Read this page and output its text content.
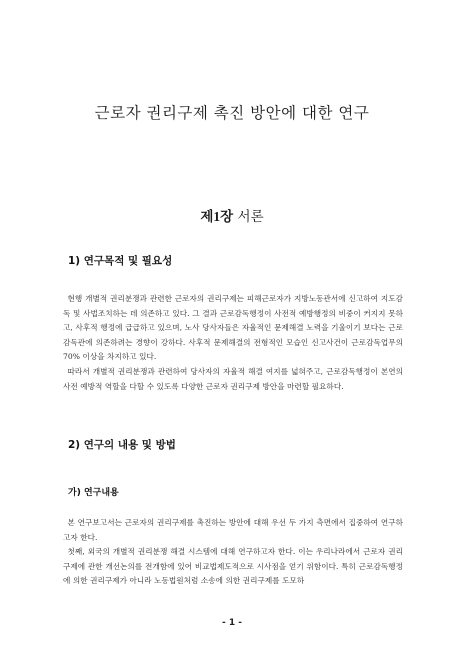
근로자 권리구제 촉진 방안에 대한 연구
제1장 서론
1) 연구목적 및 필요성

현행 개별적 권리분쟁과 관련한 근로자의 권리구제는 피해근로자가 지방노동관서에 신고하여 지도감독 및 사법조치하는 데 의존하고 있다. 그 결과 근로감독행정이 사전적 예방행정의 비중이 커지지 못하고, 사후적 행정에 급급하고 있으며, 노사 당사자들은 자율적인 문제해결 노력을 기울이기 보다는 근로감독관에 의존하려는 경향이 강하다. 사후적 문제해결의 전형적인 모습인 신고사건이 근로감독업무의 70% 이상을 차지하고 있다.

따라서 개별적 권리분쟁과 관련하여 당사자의 자율적 해결 여지를 넓혀주고, 근로감독행정이 본연의 사전 예방적 역할을 다할 수 있도록 다양한 근로자 권리구제 방안을 마련할 필요하다.

2) 연구의 내용 및 방법
가) 연구내용

본 연구보고서는 근로자의 권리구제를 촉진하는 방안에 대해 우선 두 가지 측면에서 집중하여 연구하고자 한다.

첫째, 외국의 개별적 권리분쟁 해결 시스템에 대해 연구하고자 한다. 이는 우리나라에서 근로자 권리구제에 관한 개선논의를 전개함에 있어 비교법제도적으로 시사점을 얻기 위함이다. 특히 근로감독행정에 의한 권리구제가 아니라 노동법원처럼 소송에 의한 권리구제를 도모하

- 1 -
